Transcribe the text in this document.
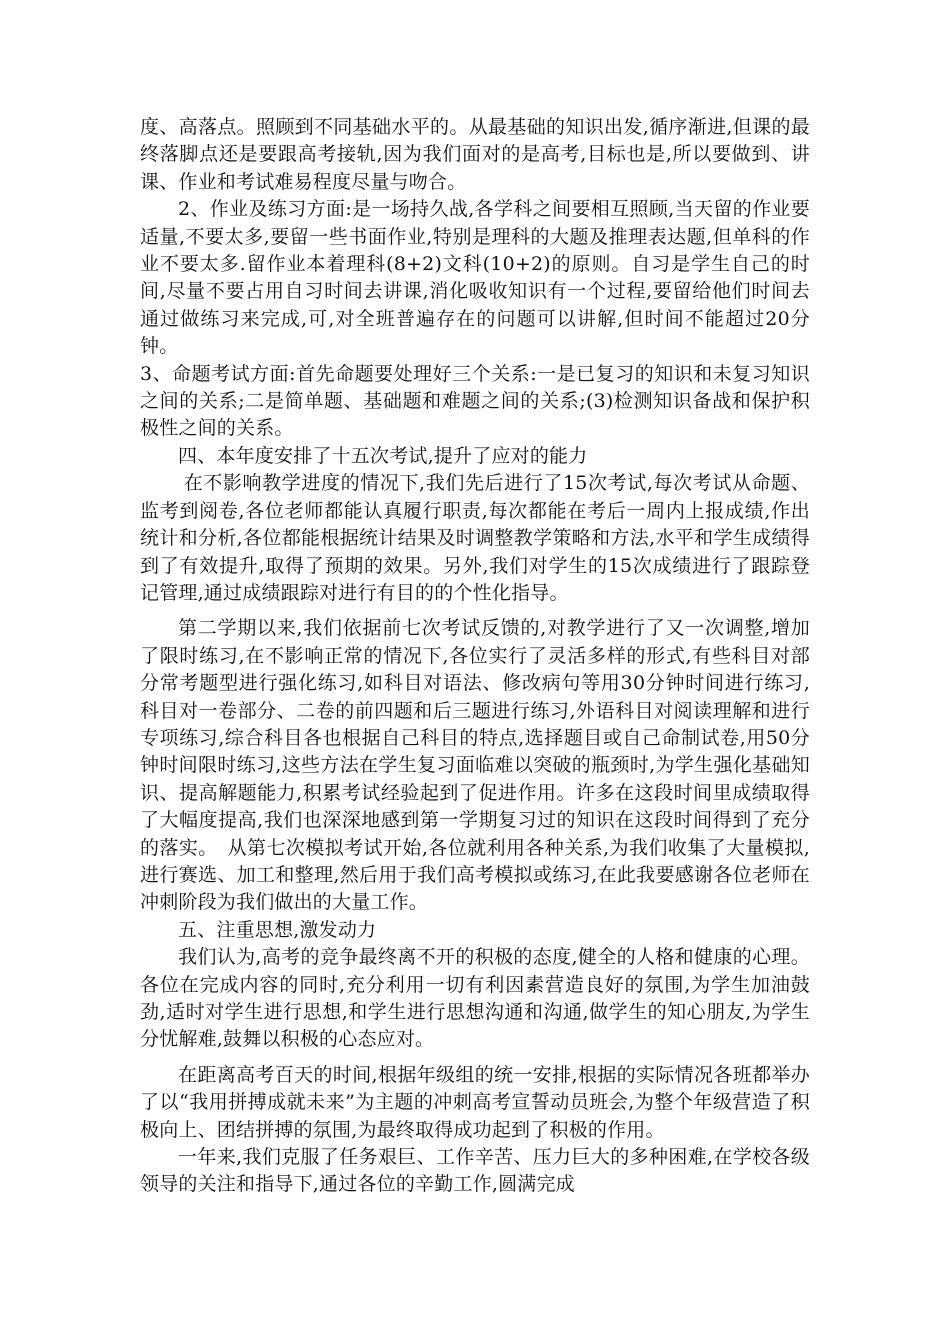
度、高落点。照顾到不同基础水平的。从最基础的知识出发,循序渐进,但课的最终落脚点还是要跟高考接轨,因为我们面对的是高考,目标也是,所以要做到、讲课、作业和考试难易程度尽量与吻合。

2、作业及练习方面:是一场持久战,各学科之间要相互照顾,当天留的作业要适量,不要太多,要留一些书面作业,特别是理科的大题及推理表达题,但单科的作业不要太多.留作业本着理科(8+2)文科(10+2)的原则。自习是学生自己的时间,尽量不要占用自习时间去讲课,消化吸收知识有一个过程,要留给他们时间去通过做练习来完成,可,对全班普遍存在的问题可以讲解,但时间不能超过20分钟。

3、命题考试方面:首先命题要处理好三个关系:一是已复习的知识和未复习知识之间的关系;二是简单题、基础题和难题之间的关系;(3)检测知识备战和保护积极性之间的关系。

四、本年度安排了十五次考试,提升了应对的能力

在不影响教学进度的情况下,我们先后进行了15次考试,每次考试从命题、监考到阅卷,各位老师都能认真履行职责,每次都能在考后一周内上报成绩,作出统计和分析,各位都能根据统计结果及时调整教学策略和方法,水平和学生成绩得到了有效提升,取得了预期的效果。另外,我们对学生的15次成绩进行了跟踪登记管理,通过成绩跟踪对进行有目的的个性化指导。

第二学期以来,我们依据前七次考试反馈的,对教学进行了又一次调整,增加了限时练习,在不影响正常的情况下,各位实行了灵活多样的形式,有些科目对部分常考题型进行强化练习,如科目对语法、修改病句等用30分钟时间进行练习,科目对一卷部分、二卷的前四题和后三题进行练习,外语科目对阅读理解和进行专项练习,综合科目各也根据自己科目的特点,选择题目或自己命制试卷,用50分钟时间限时练习,这些方法在学生复习面临难以突破的瓶颈时,为学生强化基础知识、提高解题能力,积累考试经验起到了促进作用。许多在这段时间里成绩取得了大幅度提高,我们也深深地感到第一学期复习过的知识在这段时间得到了充分的落实。　从第七次模拟考试开始,各位就利用各种关系,为我们收集了大量模拟,进行赛选、加工和整理,然后用于我们高考模拟或练习,在此我要感谢各位老师在冲刺阶段为我们做出的大量工作。

五、注重思想,激发动力

我们认为,高考的竞争最终离不开的积极的态度,健全的人格和健康的心理。各位在完成内容的同时,充分利用一切有利因素营造良好的氛围,为学生加油鼓劲,适时对学生进行思想,和学生进行思想沟通和沟通,做学生的知心朋友,为学生分忧解难,鼓舞以积极的心态应对。

在距离高考百天的时间,根据年级组的统一安排,根据的实际情况各班都举办了以“我用拼搏成就未来”为主题的冲刺高考宣誓动员班会,为整个年级营造了积极向上、团结拼搏的氛围,为最终取得成功起到了积极的作用。

一年来,我们克服了任务艰巨、工作辛苦、压力巨大的多种困难,在学校各级领导的关注和指导下,通过各位的辛勤工作,圆满完成
